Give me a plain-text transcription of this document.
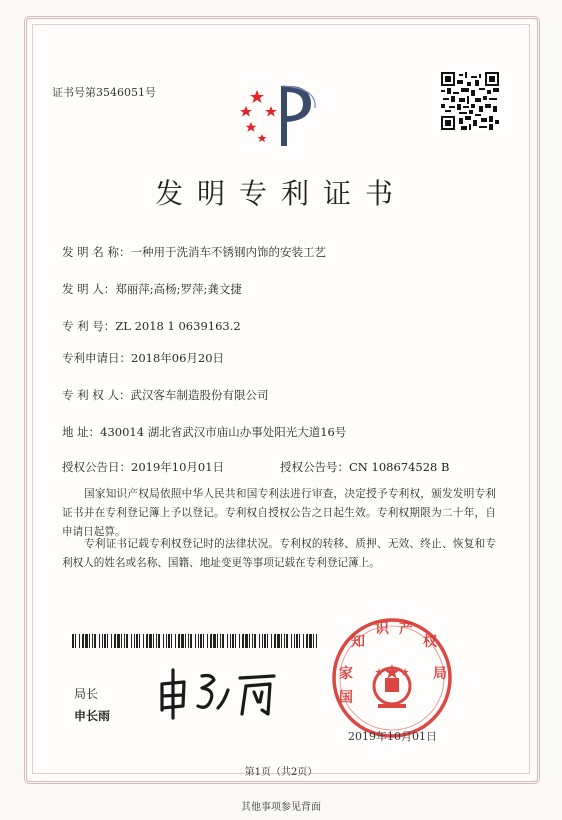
证书号第3546051号
发明专利证书
发 明 名 称：一种用于洗消车不锈钢内饰的安装工艺
发 明 人：郑丽萍;高杨;罗萍;龚文捷
专 利 号：ZL 2018 1 0639163.2
专利申请日：2018年06月20日
专 利 权 人：武汉客车制造股份有限公司
地 址：430014 湖北省武汉市庙山办事处阳光大道16号
授权公告日：2019年10月01日	授权公告号：CN 108674528 B
国家知识产权局依照中华人民共和国专利法进行审查，决定授予专利权，颁发发明专利证书并在专利登记簿上予以登记。专利权自授权公告之日起生效。专利权期限为二十年，自申请日起算。
专利证书记载专利权登记时的法律状况。专利权的转移、质押、无效、终止、恢复和专利权人的姓名或名称、国籍、地址变更等事项记载在专利登记簿上。
局长
申长雨
国
家
知
识 产
权
局
2019年10月01日
第1页（共2页）
其他事项参见背面
